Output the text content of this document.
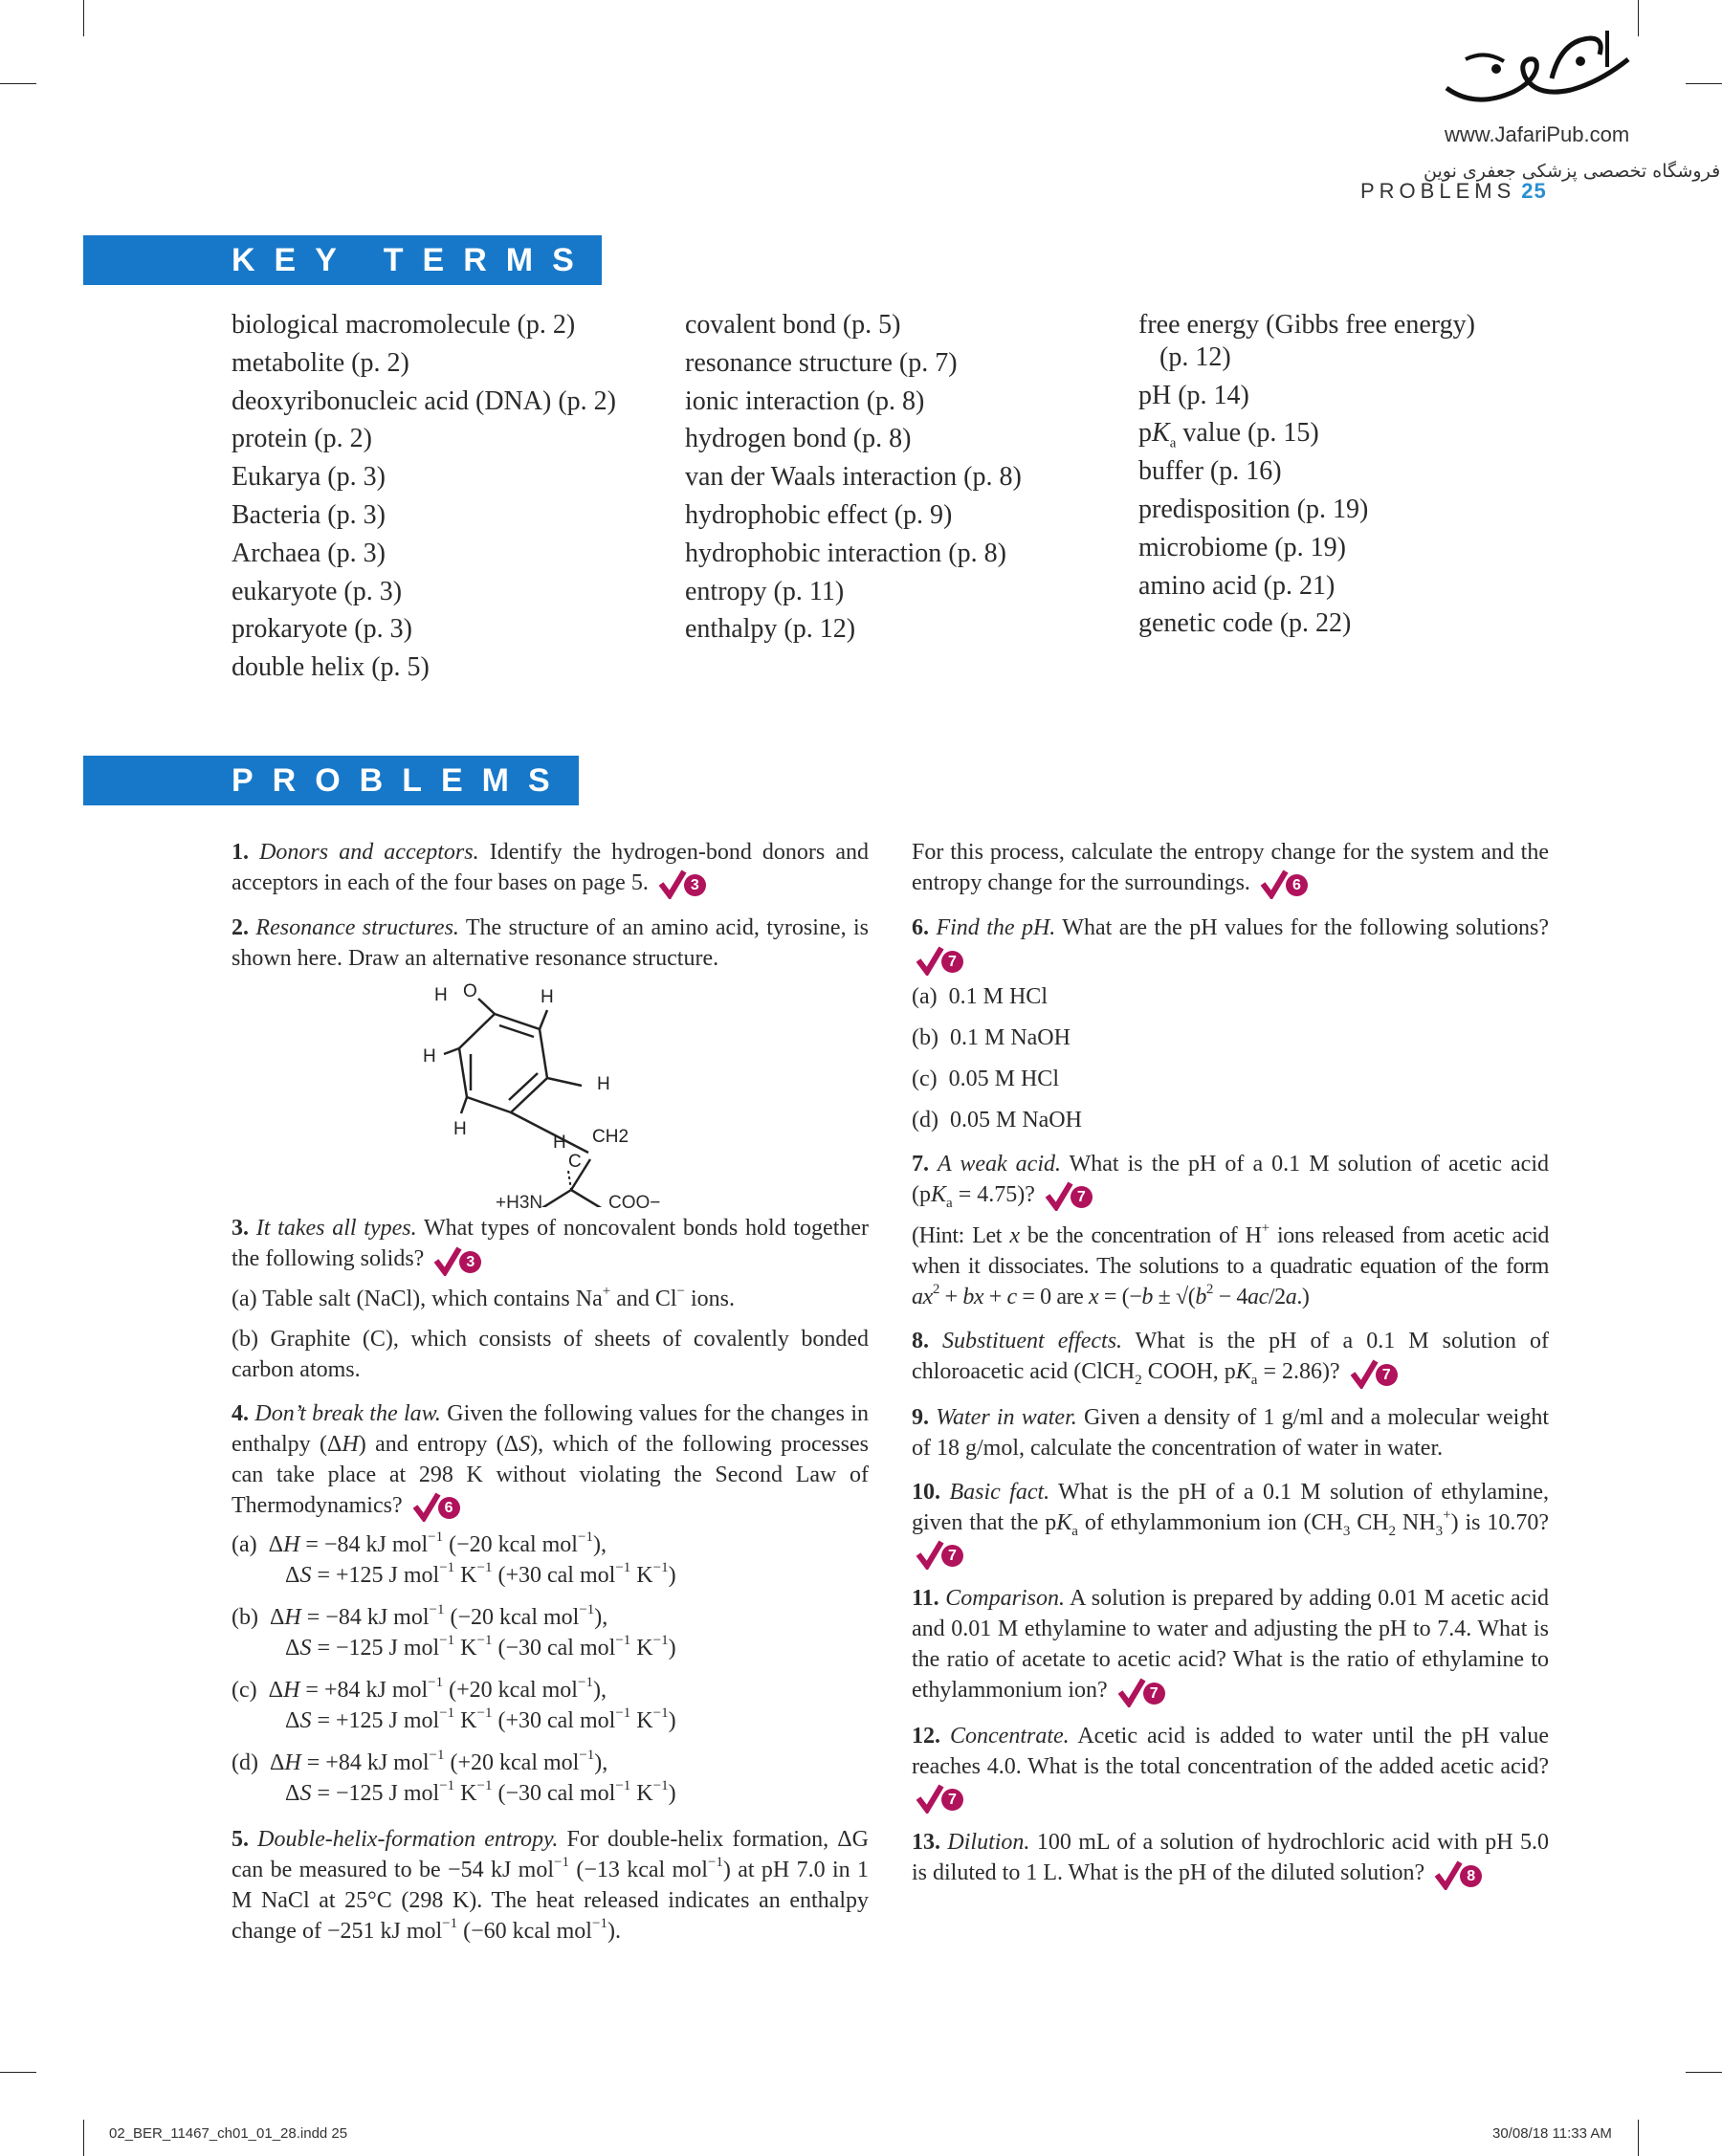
www.JafariPub.com
فروشگاه تخصصی پزشکی جعفری نوین
PROBLEMS 25
KEY TERMS
biological macromolecule (p. 2)
metabolite (p. 2)
deoxyribonucleic acid (DNA) (p. 2)
protein (p. 2)
Eukarya (p. 3)
Bacteria (p. 3)
Archaea (p. 3)
eukaryote (p. 3)
prokaryote (p. 3)
double helix (p. 5)
covalent bond (p. 5)
resonance structure (p. 7)
ionic interaction (p. 8)
hydrogen bond (p. 8)
van der Waals interaction (p. 8)
hydrophobic effect (p. 9)
hydrophobic interaction (p. 8)
entropy (p. 11)
enthalpy (p. 12)
free energy (Gibbs free energy)
(p. 12)
pH (p. 14)
$pK_a$ value (p. 15)
buffer (p. 16)
predisposition (p. 19)
microbiome (p. 19)
amino acid (p. 21)
genetic code (p. 22)
PROBLEMS

1. Donors and acceptors. Identify the hydrogen-bond donors and acceptors in each of the four bases on page 5.	3

2. Resonance structures. The structure of an amino acid, tyrosine, is shown here. Draw an alternative resonance structure.

H O	H
H
H
H	CH2
H
C
+H3N	COO−

3. It takes all types. What types of noncovalent bonds hold together the following solids?	3

(a) Table salt (NaCl), which contains Na+ and Cl− ions.

(b) Graphite (C), which consists of sheets of covalently bonded carbon atoms.

4. Don’t break the law. Given the following values for the changes in enthalpy (ΔH) and entropy (ΔS), which of the following processes can take place at 298 K without violating the Second Law of Thermodynamics?	6

(a)  ΔH = −84 kJ mol$^{-1}$ (−20 kcal mol$^{-1}$),
ΔS = +125 J mol$^{-1}$ $K^{-1}$ (+30 cal mol$^{-1}$ $K^{-1}$)
(b)  ΔH = −84 kJ mol$^{-1}$ (−20 kcal mol$^{-1}$),
ΔS = −125 J mol$^{-1}$ $K^{-1}$ (−30 cal mol$^{-1}$ $K^{-1}$)
(c)  ΔH = +84 kJ mol$^{-1}$ (+20 kcal mol$^{-1}$),
ΔS = +125 J mol$^{-1}$ $K^{-1}$ (+30 cal mol$^{-1}$ $K^{-1}$)
(d)  ΔH = +84 kJ mol$^{-1}$ (+20 kcal mol$^{-1}$),
ΔS = −125 J mol$^{-1}$ $K^{-1}$ (−30 cal mol$^{-1}$ $K^{-1}$)

5. Double-helix-formation entropy. For double-helix formation, ΔG can be measured to be −54 kJ mol$^{-1}$ (−13 kcal mol$^{-1}$) at pH 7.0 in 1 M NaCl at 25°C (298 K). The heat released indicates an enthalpy change of −251 kJ mol$^{-1}$ (−60 kcal mol$^{-1}$).

For this process, calculate the entropy change for the system and the entropy change for the surroundings.	6

6. Find the pH. What are the pH values for the following solutions?
7

(a)  0.1 M HCl

(b)  0.1 M NaOH

(c)  0.05 M HCl

(d)  0.05 M NaOH

7. A weak acid. What is the pH of a 0.1 M solution of acetic acid $(pK_a = 4.75)$?	7

(Hint: Let x be the concentration of H+ ions released from acetic acid when it dissociates. The solutions to a quadratic equation of the form $ax^2$ + bx + c = 0 are $x = (-b \pm √(b^2 - 4ac/2a.)$

8. Substituent effects. What is the pH of a 0.1 M solution of chloroacetic acid (ClCH$_2$ COOH, $pK_a = 2.86$)?	7

9. Water in water. Given a density of 1 g/ml and a molecular weight of 18 g/mol, calculate the concentration of water in water.

10. Basic fact. What is the pH of a 0.1 M solution of ethylamine, given that the $pK_a$ of ethylammonium ion ($CH_3$ $CH_2$ $NH_3^+$) is 10.70?
7

11. Comparison. A solution is prepared by adding 0.01 M acetic acid and 0.01 M ethylamine to water and adjusting the pH to 7.4. What is the ratio of acetate to acetic acid? What is the ratio of ethylamine to ethylammonium ion?	7

12. Concentrate. Acetic acid is added to water until the pH value reaches 4.0. What is the total concentration of the added acetic acid?
7

13. Dilution. 100 mL of a solution of hydrochloric acid with pH 5.0 is diluted to 1 L. What is the pH of the diluted solution?	8

02_BER_11467_ch01_01_28.indd 25	30/08/18 11:33 AM
